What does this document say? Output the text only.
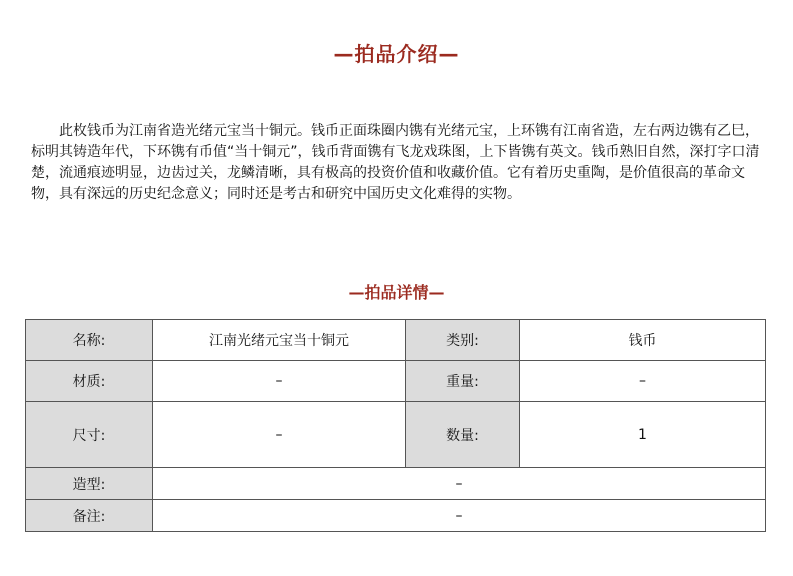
—拍品介绍—

此枚钱币为江南省造光绪元宝当十铜元。钱币正面珠圈内镌有光绪元宝，上环镌有江南省造，左右两边镌有乙巳，标明其铸造年代，下环镌有币值“当十铜元”，钱币背面镌有飞龙戏珠图，上下皆镌有英文。钱币熟旧自然，深打字口清楚，流通痕迹明显，边齿过关，龙鳞清晰，具有极高的投资价值和收藏价值。它有着历史重陶，是价值很高的革命文物，具有深远的历史纪念意义；同时还是考古和研究中国历史文化难得的实物。

—拍品详情—
名称:	江南光绪元宝当十铜元	类别:	钱币
材质:	–	重量:	–
尺寸:	–	数量:	1
造型:	–		
备注:	–		
